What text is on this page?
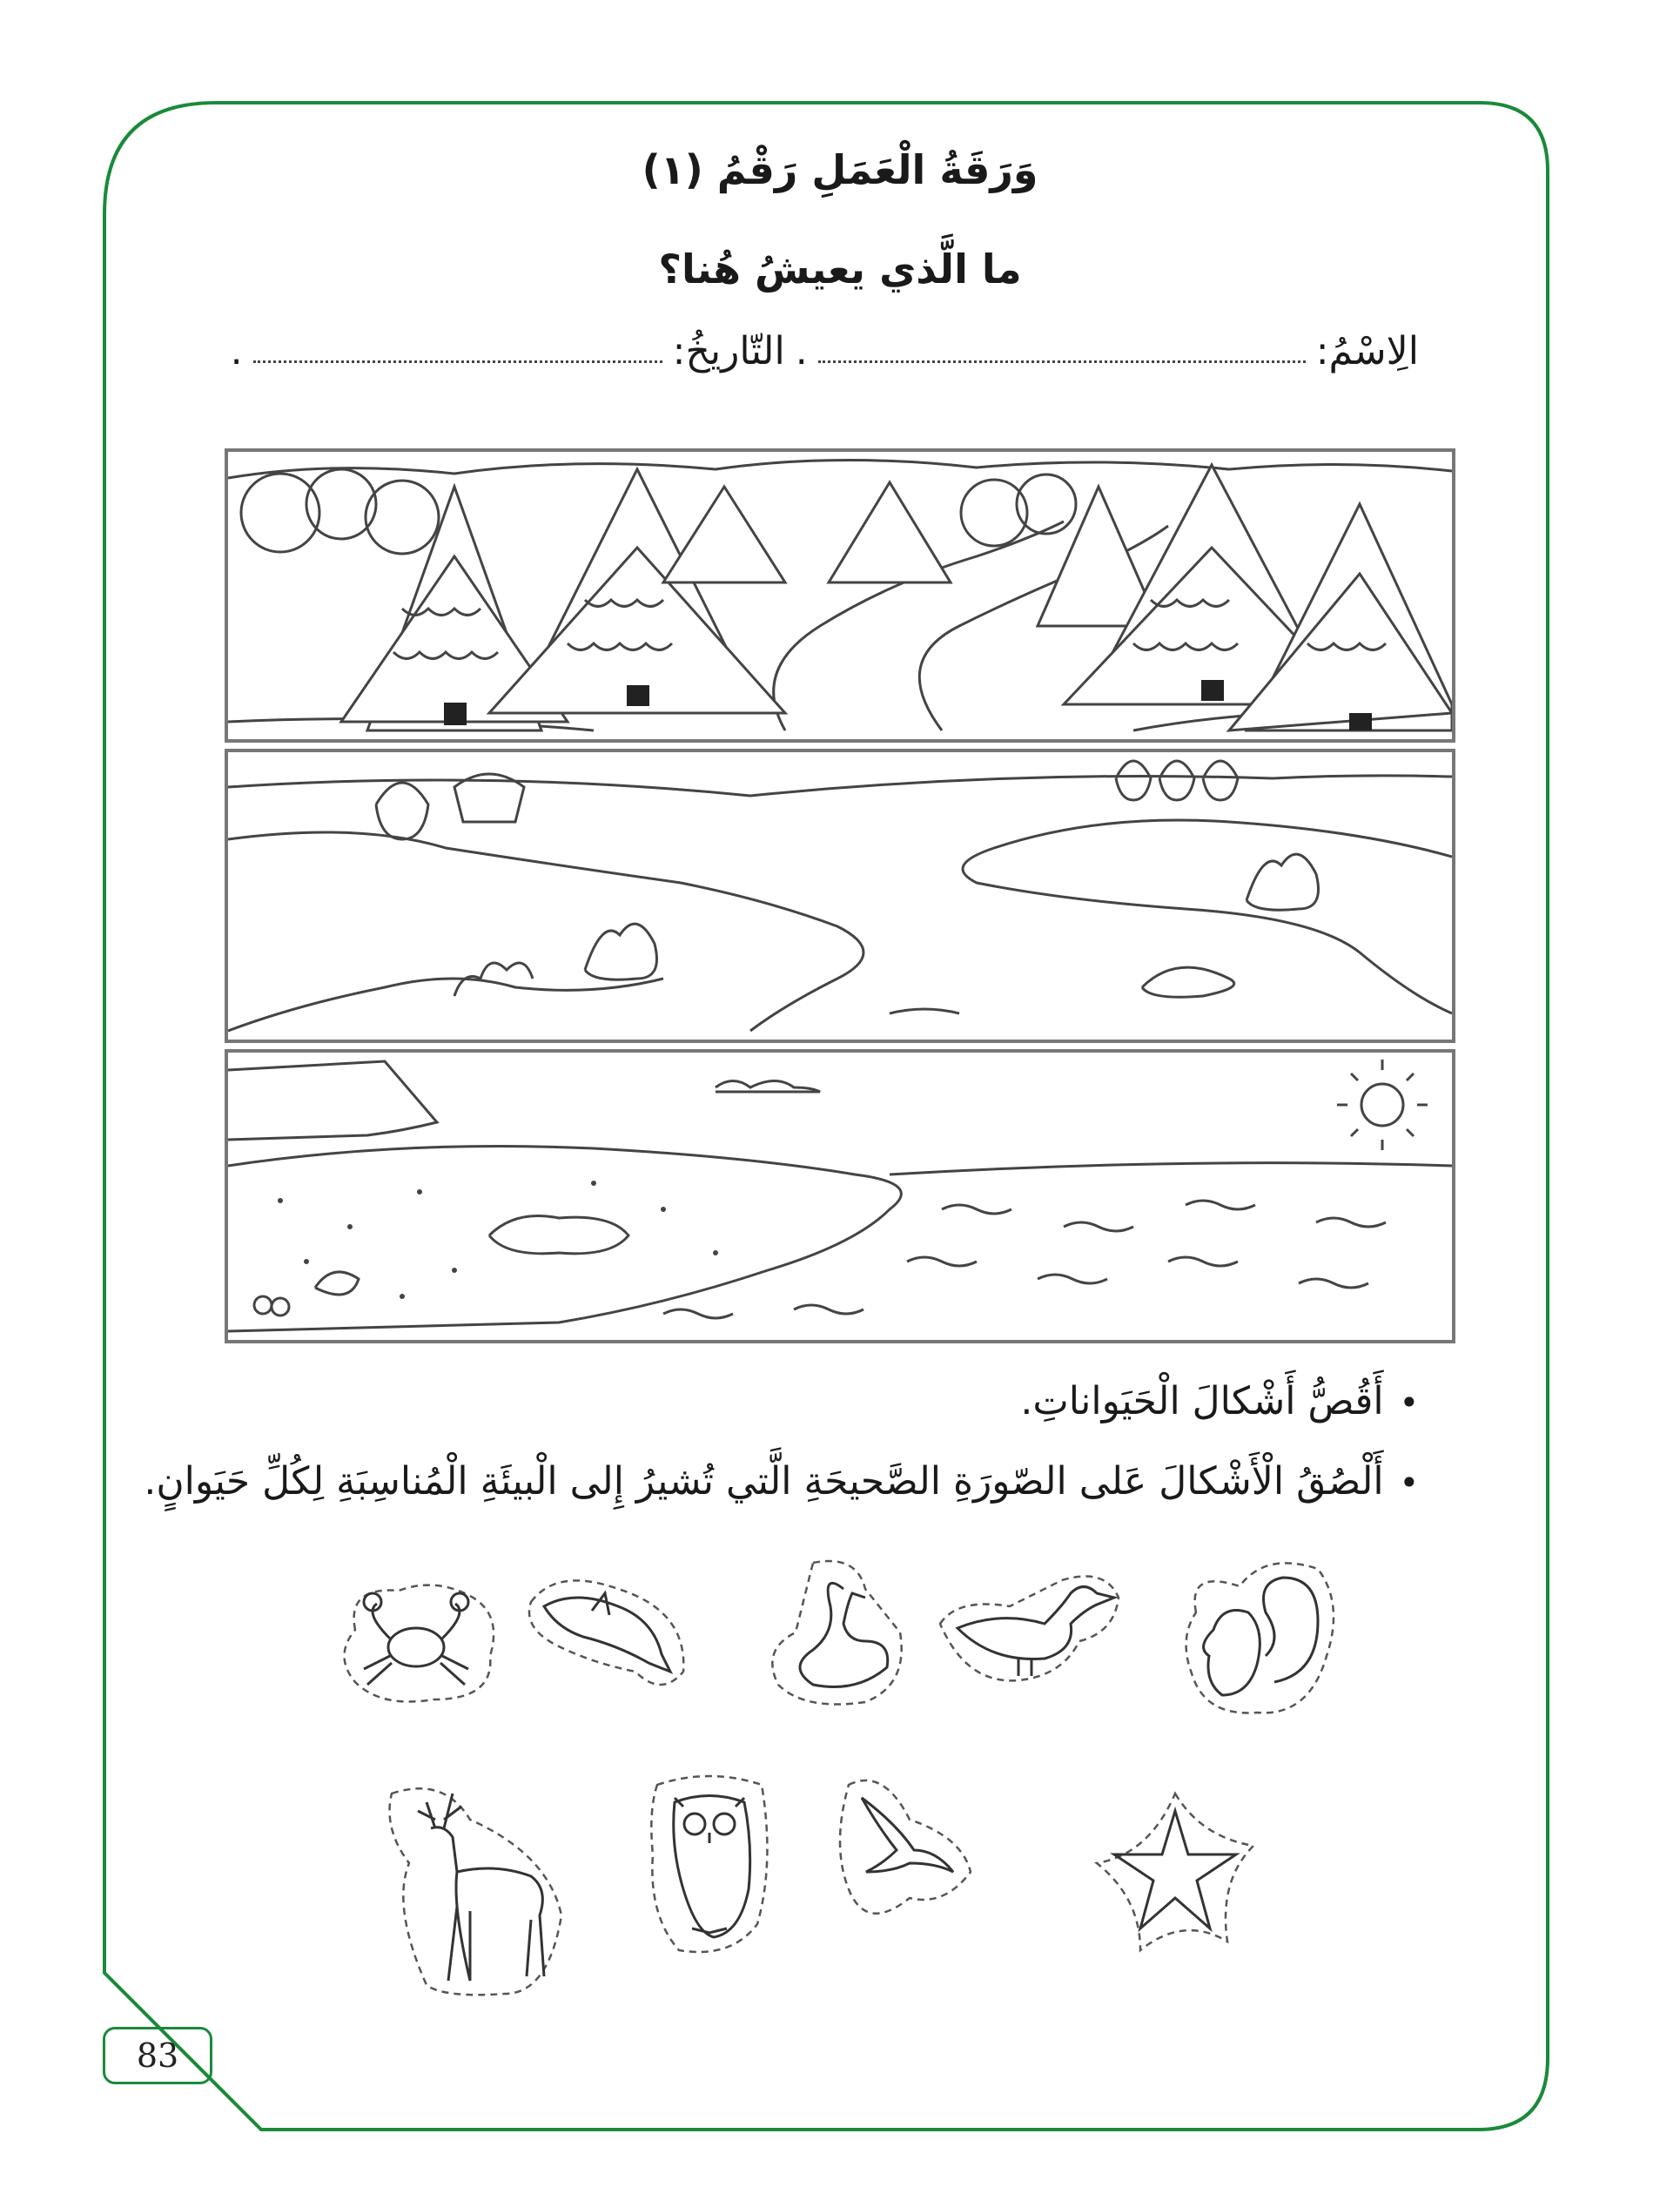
وَرَقَةُ الْعَمَلِ رَقْمُ (١)
ما الَّذي يعيشُ هُنا؟
الِاسْمُ:
.
التّاريخُ:
.
•أَقُصُّ أَشْكالَ الْحَيَواناتِ.
•أَلْصُقُ الْأَشْكالَ عَلى الصّورَةِ الصَّحيحَةِ الَّتي تُشيرُ إِلى الْبيئَةِ الْمُناسِبَةِ لِكُلِّ حَيَوانٍ.
83
